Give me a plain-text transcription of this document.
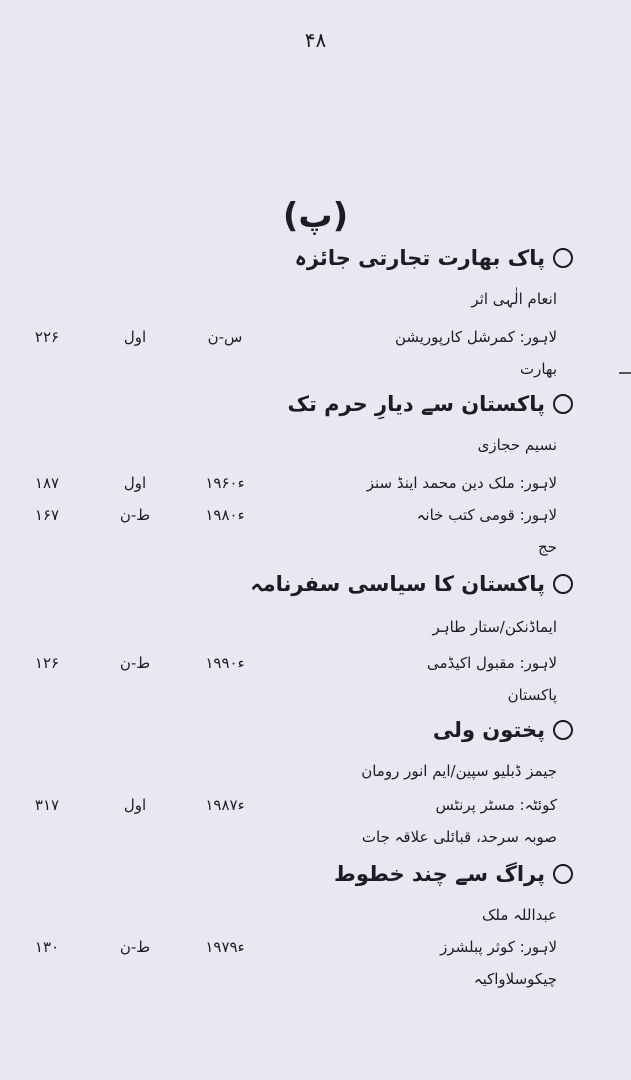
۴۸
(پ)
پاک بھارت تجارتی جائزہ
انعام الٰہی اثر
لاہور: کمرشل کارپوریشن
س-ن
اول
۲۲۶
بھارت
پاکستان سے دیارِ حرم تک
نسیم حجازی
لاہور: ملک دین محمد اینڈ سنز
۱۹۶۰ء
اول
۱۸۷
لاہور: قومی کتب خانہ
۱۹۸۰ء
ط-ن
۱۶۷
حج
پاکستان کا سیاسی سفرنامہ
ایماڈنکن/ستار طاہر
لاہور: مقبول اکیڈمی
۱۹۹۰ء
ط-ن
۱۲۶
پاکستان
پختون ولی
جیمز ڈبلیو سپین/ایم انور رومان
کوئٹہ: مسٹر پرنٹس
۱۹۸۷ء
اول
۳۱۷
صوبہ سرحد، قبائلی علاقہ جات
پراگ سے چند خطوط
عبداللہ ملک
لاہور: کوثر پبلشرز
۱۹۷۹ء
ط-ن
۱۳۰
چیکوسلاواکیہ
